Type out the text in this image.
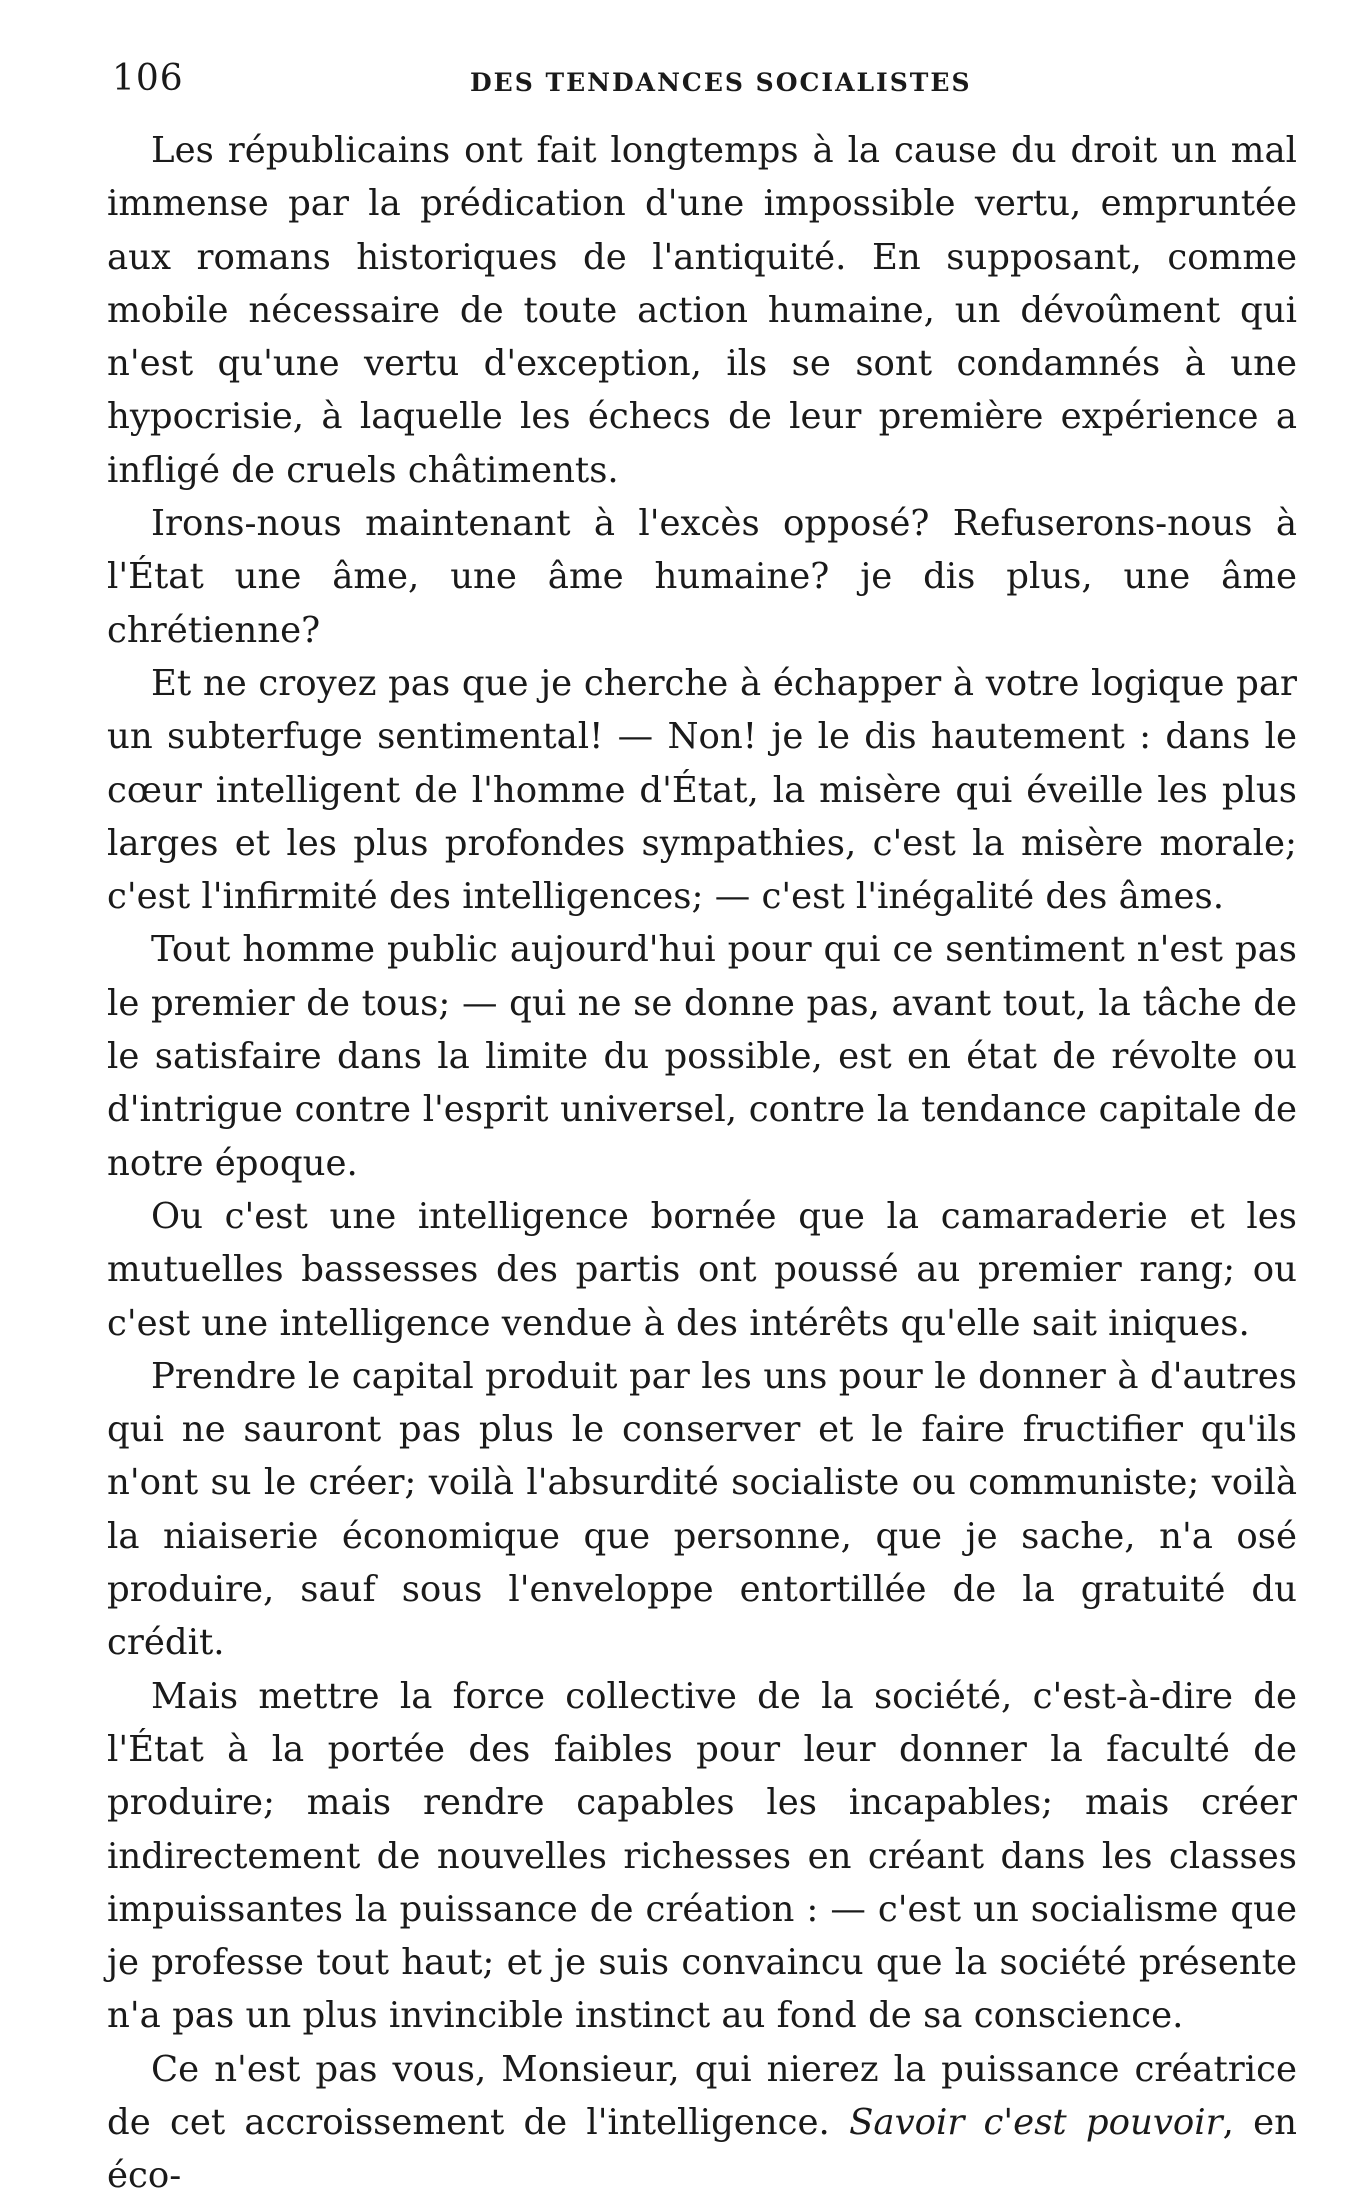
106	DES TENDANCES SOCIALISTES

Les républicains ont fait longtemps à la cause du droit un mal immense par la prédication d'une impossible vertu, empruntée aux romans historiques de l'antiquité. En supposant, comme mobile nécessaire de toute action humaine, un dévoûment qui n'est qu'une vertu d'exception, ils se sont condamnés à une hypocrisie, à laquelle les échecs de leur première expérience a infligé de cruels châtiments.

Irons-nous maintenant à l'excès opposé? Refuserons-nous à l'État une âme, une âme humaine? je dis plus, une âme chrétienne?

Et ne croyez pas que je cherche à échapper à votre logique par un subterfuge sentimental! — Non! je le dis hautement : dans le cœur intelligent de l'homme d'État, la misère qui éveille les plus larges et les plus profondes sympathies, c'est la misère morale; c'est l'infirmité des intelligences; — c'est l'inégalité des âmes.

Tout homme public aujourd'hui pour qui ce sentiment n'est pas le premier de tous; — qui ne se donne pas, avant tout, la tâche de le satisfaire dans la limite du possible, est en état de révolte ou d'intrigue contre l'esprit universel, contre la tendance capitale de notre époque.

Ou c'est une intelligence bornée que la camaraderie et les mutuelles bassesses des partis ont poussé au premier rang; ou c'est une intelligence vendue à des intérêts qu'elle sait iniques.

Prendre le capital produit par les uns pour le donner à d'autres qui ne sauront pas plus le conserver et le faire fructifier qu'ils n'ont su le créer; voilà l'absurdité socialiste ou communiste; voilà la niaiserie économique que personne, que je sache, n'a osé produire, sauf sous l'enveloppe entortillée de la gratuité du crédit.

Mais mettre la force collective de la société, c'est-à-dire de l'État à la portée des faibles pour leur donner la faculté de produire; mais rendre capables les incapables; mais créer indirectement de nouvelles richesses en créant dans les classes impuissantes la puissance de création : — c'est un socialisme que je professe tout haut; et je suis convaincu que la société présente n'a pas un plus invincible instinct au fond de sa conscience.

Ce n'est pas vous, Monsieur, qui nierez la puissance créatrice de cet accroissement de l'intelligence. Savoir c'est pouvoir, en éco-
